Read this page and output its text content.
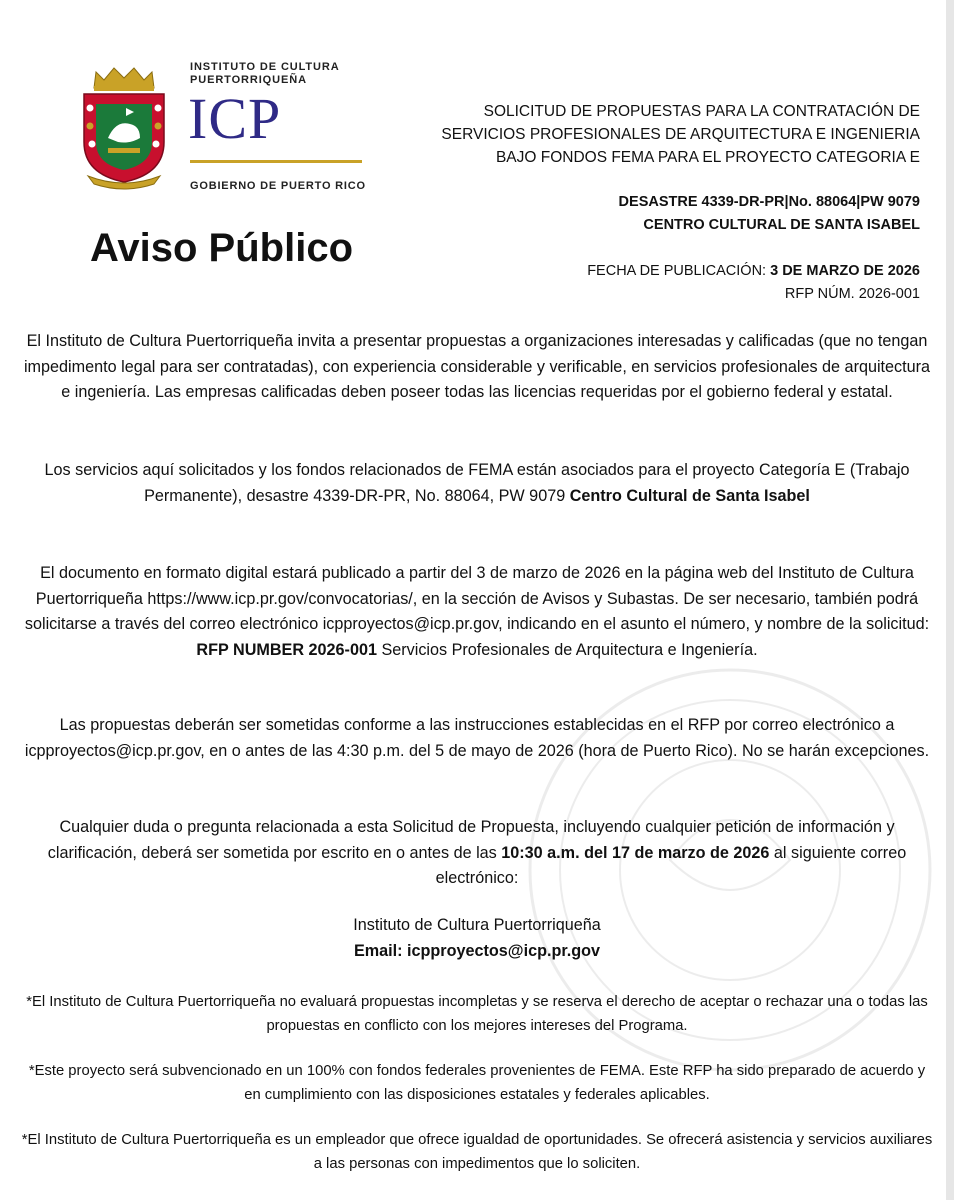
INSTITUTO DE CULTURA
PUERTORRIQUEÑA
ICP
GOBIERNO DE PUERTO RICO
Aviso Público
SOLICITUD DE PROPUESTAS PARA LA CONTRATACIÓN DE
SERVICIOS PROFESIONALES DE ARQUITECTURA E INGENIERIA
BAJO FONDOS FEMA PARA EL PROYECTO CATEGORIA E
DESASTRE 4339-DR-PR|No. 88064|PW 9079
CENTRO CULTURAL DE SANTA ISABEL
FECHA DE PUBLICACIÓN: 3 DE MARZO DE 2026
RFP NÚM. 2026-001
El Instituto de Cultura Puertorriqueña invita a presentar propuestas a organizaciones interesadas y calificadas (que no tengan impedimento legal para ser contratadas), con experiencia considerable y verificable, en servicios profesionales de arquitectura e ingeniería. Las empresas calificadas deben poseer todas las licencias requeridas por el gobierno federal y estatal.
Los servicios aquí solicitados y los fondos relacionados de FEMA están asociados para el proyecto Categoría E (Trabajo Permanente), desastre 4339-DR-PR, No. 88064, PW 9079 Centro Cultural de Santa Isabel
El documento en formato digital estará publicado a partir del 3 de marzo de 2026 en la página web del Instituto de Cultura Puertorriqueña https://www.icp.pr.gov/convocatorias/, en la sección de Avisos y Subastas. De ser necesario, también podrá solicitarse a través del correo electrónico icpproyectos@icp.pr.gov, indicando en el asunto el número, y nombre de la solicitud: RFP NUMBER 2026-001 Servicios Profesionales de Arquitectura e Ingeniería.
Las propuestas deberán ser sometidas conforme a las instrucciones establecidas en el RFP por correo electrónico a icpproyectos@icp.pr.gov, en o antes de las 4:30 p.m. del 5 de mayo de 2026 (hora de Puerto Rico). No se harán excepciones.
Cualquier duda o pregunta relacionada a esta Solicitud de Propuesta, incluyendo cualquier petición de información y clarificación, deberá ser sometida por escrito en o antes de las 10:30 a.m. del 17 de marzo de 2026 al siguiente correo electrónico:
Instituto de Cultura Puertorriqueña
Email: icpproyectos@icp.pr.gov
*El Instituto de Cultura Puertorriqueña no evaluará propuestas incompletas y se reserva el derecho de aceptar o rechazar una o todas las propuestas en conflicto con los mejores intereses del Programa.
*Este proyecto será subvencionado en un 100% con fondos federales provenientes de FEMA. Este RFP ha sido preparado de acuerdo y en cumplimiento con las disposiciones estatales y federales aplicables.
*El Instituto de Cultura Puertorriqueña es un empleador que ofrece igualdad de oportunidades. Se ofrecerá asistencia y servicios auxiliares a las personas con impedimentos que lo soliciten.
